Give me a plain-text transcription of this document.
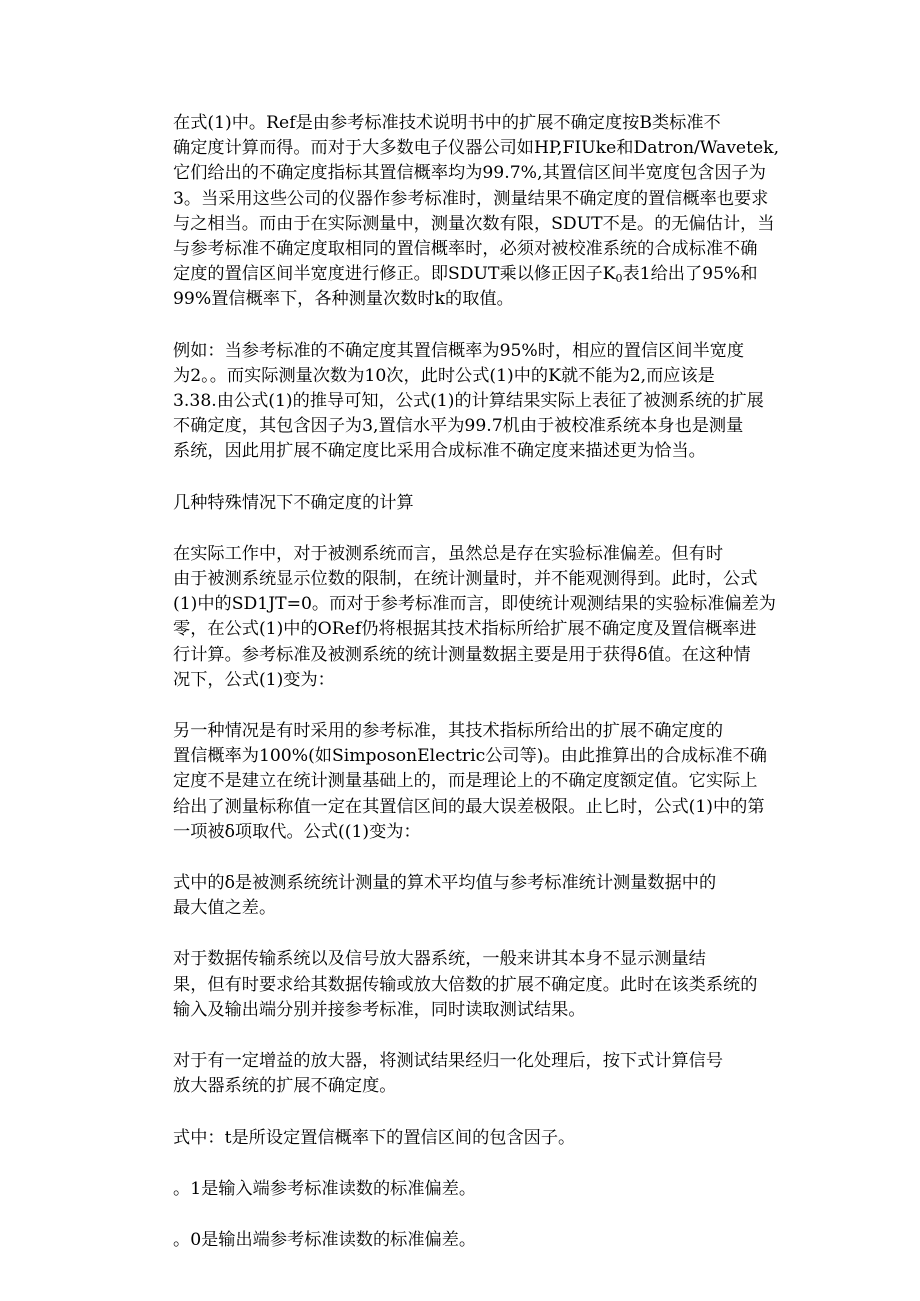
在式(1)中。Ref是由参考标准技术说明书中的扩展不确定度按B类标准不
确定度计算而得。而对于大多数电子仪器公司如HP,FIUke和Datron/Wavetek,
它们给出的不确定度指标其置信概率均为99.7%,其置信区间半宽度包含因子为
3。当采用这些公司的仪器作参考标准时，测量结果不确定度的置信概率也要求
与之相当。而由于在实际测量中，测量次数有限，SDUT不是。的无偏估计，当
与参考标准不确定度取相同的置信概率时，必须对被校准系统的合成标准不确
定度的置信区间半宽度进行修正。即SDUT乘以修正因子$K_0$表1给出了95%和
99%置信概率下，各种测量次数时k的取值。

例如：当参考标准的不确定度其置信概率为95%时，相应的置信区间半宽度
为2。。而实际测量次数为10次，此时公式(1)中的K就不能为2,而应该是
3.38.由公式(1)的推导可知，公式(1)的计算结果实际上表征了被测系统的扩展
不确定度，其包含因子为3,置信水平为99.7机由于被校准系统本身也是测量
系统，因此用扩展不确定度比采用合成标准不确定度来描述更为恰当。

几种特殊情况下不确定度的计算

在实际工作中，对于被测系统而言，虽然总是存在实验标准偏差。但有时
由于被测系统显示位数的限制，在统计测量时，并不能观测得到。此时，公式
(1)中的SD1JT=0。而对于参考标准而言，即使统计观测结果的实验标准偏差为
零，在公式(1)中的ORef仍将根据其技术指标所给扩展不确定度及置信概率进
行计算。参考标准及被测系统的统计测量数据主要是用于获得δ值。在这种情
况下，公式(1)变为：

另一种情况是有时采用的参考标准，其技术指标所给出的扩展不确定度的
置信概率为100%(如SimposonElectric公司等)。由此推算出的合成标准不确
定度不是建立在统计测量基础上的，而是理论上的不确定度额定值。它实际上
给出了测量标称值一定在其置信区间的最大误差极限。止匕时，公式(1)中的第
一项被δ项取代。公式((1)变为：

式中的δ是被测系统统计测量的算术平均值与参考标准统计测量数据中的
最大值之差。

对于数据传输系统以及信号放大器系统，一般来讲其本身不显示测量结
果，但有时要求给其数据传输或放大倍数的扩展不确定度。此时在该类系统的
输入及输出端分别并接参考标准，同时读取测试结果。

对于有一定增益的放大器，将测试结果经归一化处理后，按下式计算信号
放大器系统的扩展不确定度。

式中：t是所设定置信概率下的置信区间的包含因子。

。1是输入端参考标准读数的标准偏差。

。0是输出端参考标准读数的标准偏差。
